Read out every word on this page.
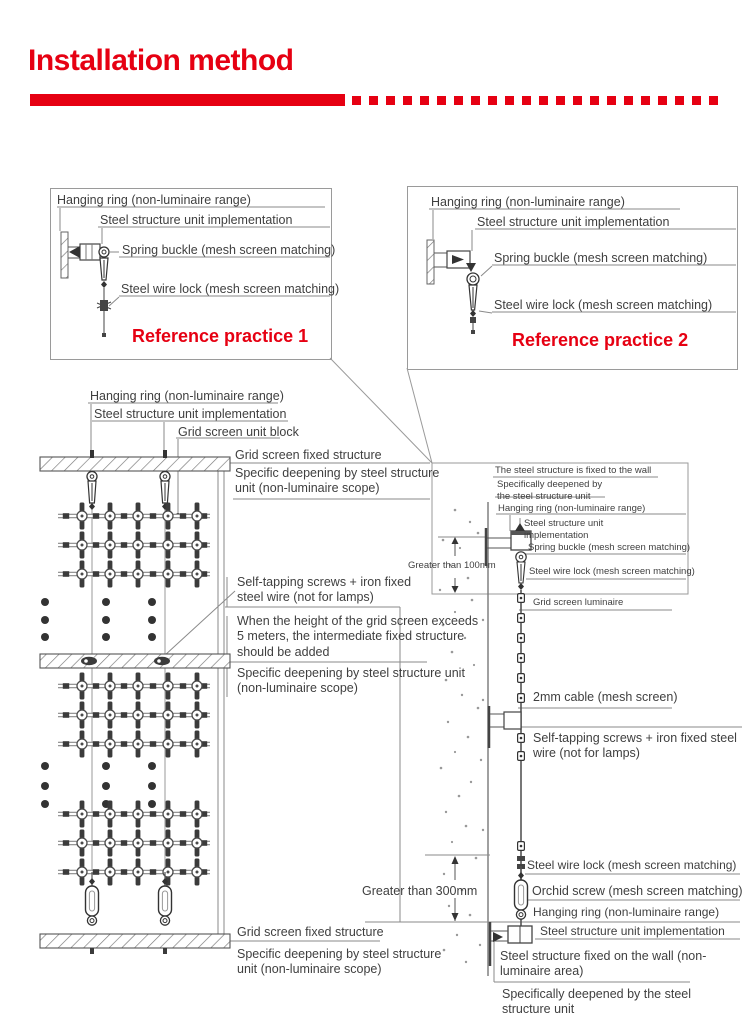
Installation method
Hanging ring (non-luminaire range)
Steel structure unit implementation
Spring buckle (mesh screen matching)
Steel wire lock (mesh screen matching)
Reference practice 1
Hanging ring (non-luminaire range)
Steel structure unit implementation
Spring buckle (mesh screen matching)
Steel wire lock (mesh screen matching)
Reference practice 2
Hanging ring (non-luminaire range)
Steel structure unit implementation
Grid screen unit block
Grid screen fixed structure
Specific deepening by steel structure unit (non-luminaire scope)
Self-tapping screws + iron fixed steel wire (not for lamps)
When the height of the grid screen exceeds 5 meters, the intermediate fixed structure should be added
Specific deepening by steel structure unit (non-luminaire scope)
Grid screen fixed structure
Specific deepening by steel structure unit (non-luminaire scope)
The steel structure is fixed to the wall
Specifically deepened by the steel structure unit
Hanging ring (non-luminaire range)
Steel structure unit implementation
Spring buckle (mesh screen matching)
Steel wire lock (mesh screen matching)
Greater than 100mm
Grid screen luminaire
2mm cable (mesh screen)
Self-tapping screws + iron fixed steel wire (not for lamps)
Steel wire lock (mesh screen matching)
Orchid screw (mesh screen matching)
Greater than 300mm
Hanging ring (non-luminaire range)
Steel structure unit implementation
Steel structure fixed on the wall (non-luminaire area)
Specifically deepened by the steel structure unit
